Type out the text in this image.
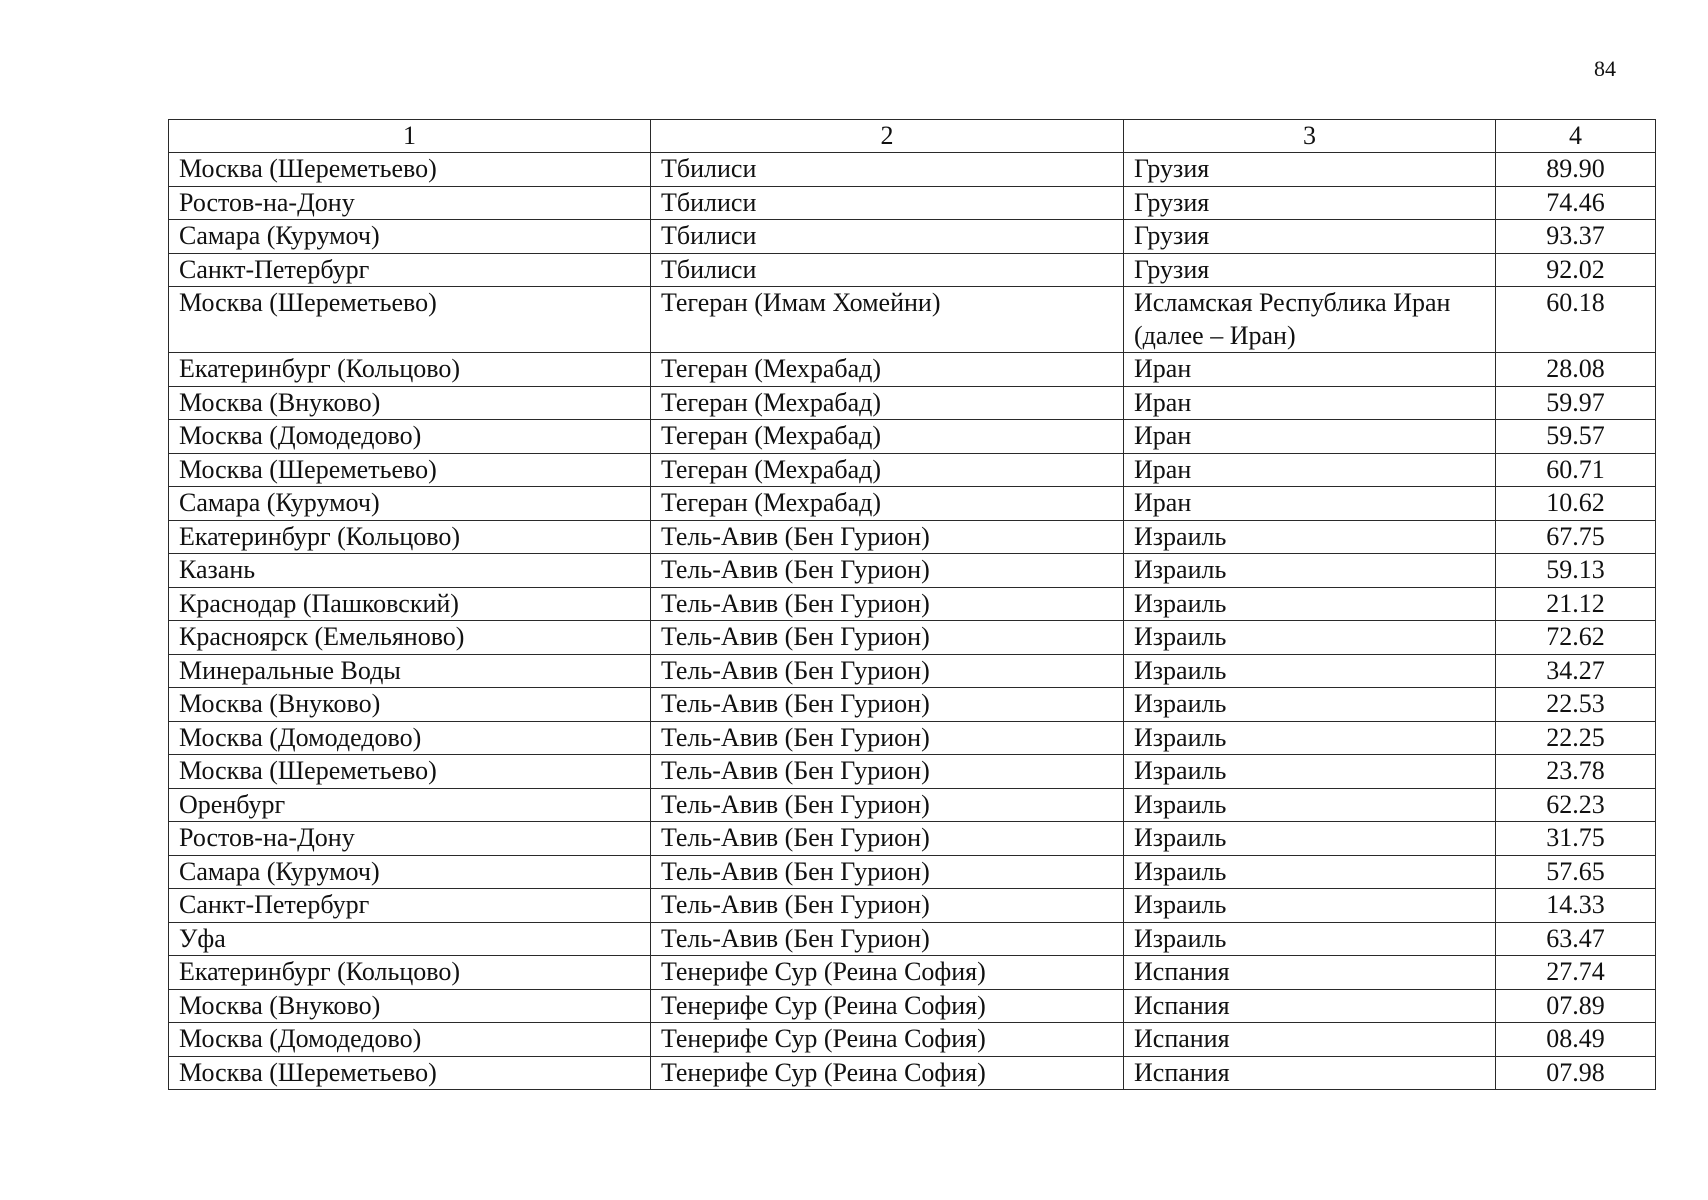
84
1	2	3	4
Москва (Шереметьево)	Тбилиси	Грузия	89.90
Ростов-на-Дону	Тбилиси	Грузия	74.46
Самара (Курумоч)	Тбилиси	Грузия	93.37
Санкт-Петербург	Тбилиси	Грузия	92.02
Москва (Шереметьево)	Тегеран (Имам Хомейни)	Исламская Республика Иран (далее – Иран)	60.18
Екатеринбург (Кольцово)	Тегеран (Мехрабад)	Иран	28.08
Москва (Внуково)	Тегеран (Мехрабад)	Иран	59.97
Москва (Домодедово)	Тегеран (Мехрабад)	Иран	59.57
Москва (Шереметьево)	Тегеран (Мехрабад)	Иран	60.71
Самара (Курумоч)	Тегеран (Мехрабад)	Иран	10.62
Екатеринбург (Кольцово)	Тель-Авив (Бен Гурион)	Израиль	67.75
Казань	Тель-Авив (Бен Гурион)	Израиль	59.13
Краснодар (Пашковский)	Тель-Авив (Бен Гурион)	Израиль	21.12
Красноярск (Емельяново)	Тель-Авив (Бен Гурион)	Израиль	72.62
Минеральные Воды	Тель-Авив (Бен Гурион)	Израиль	34.27
Москва (Внуково)	Тель-Авив (Бен Гурион)	Израиль	22.53
Москва (Домодедово)	Тель-Авив (Бен Гурион)	Израиль	22.25
Москва (Шереметьево)	Тель-Авив (Бен Гурион)	Израиль	23.78
Оренбург	Тель-Авив (Бен Гурион)	Израиль	62.23
Ростов-на-Дону	Тель-Авив (Бен Гурион)	Израиль	31.75
Самара (Курумоч)	Тель-Авив (Бен Гурион)	Израиль	57.65
Санкт-Петербург	Тель-Авив (Бен Гурион)	Израиль	14.33
Уфа	Тель-Авив (Бен Гурион)	Израиль	63.47
Екатеринбург (Кольцово)	Тенерифе Сур (Реина София)	Испания	27.74
Москва (Внуково)	Тенерифе Сур (Реина София)	Испания	07.89
Москва (Домодедово)	Тенерифе Сур (Реина София)	Испания	08.49
Москва (Шереметьево)	Тенерифе Сур (Реина София)	Испания	07.98
